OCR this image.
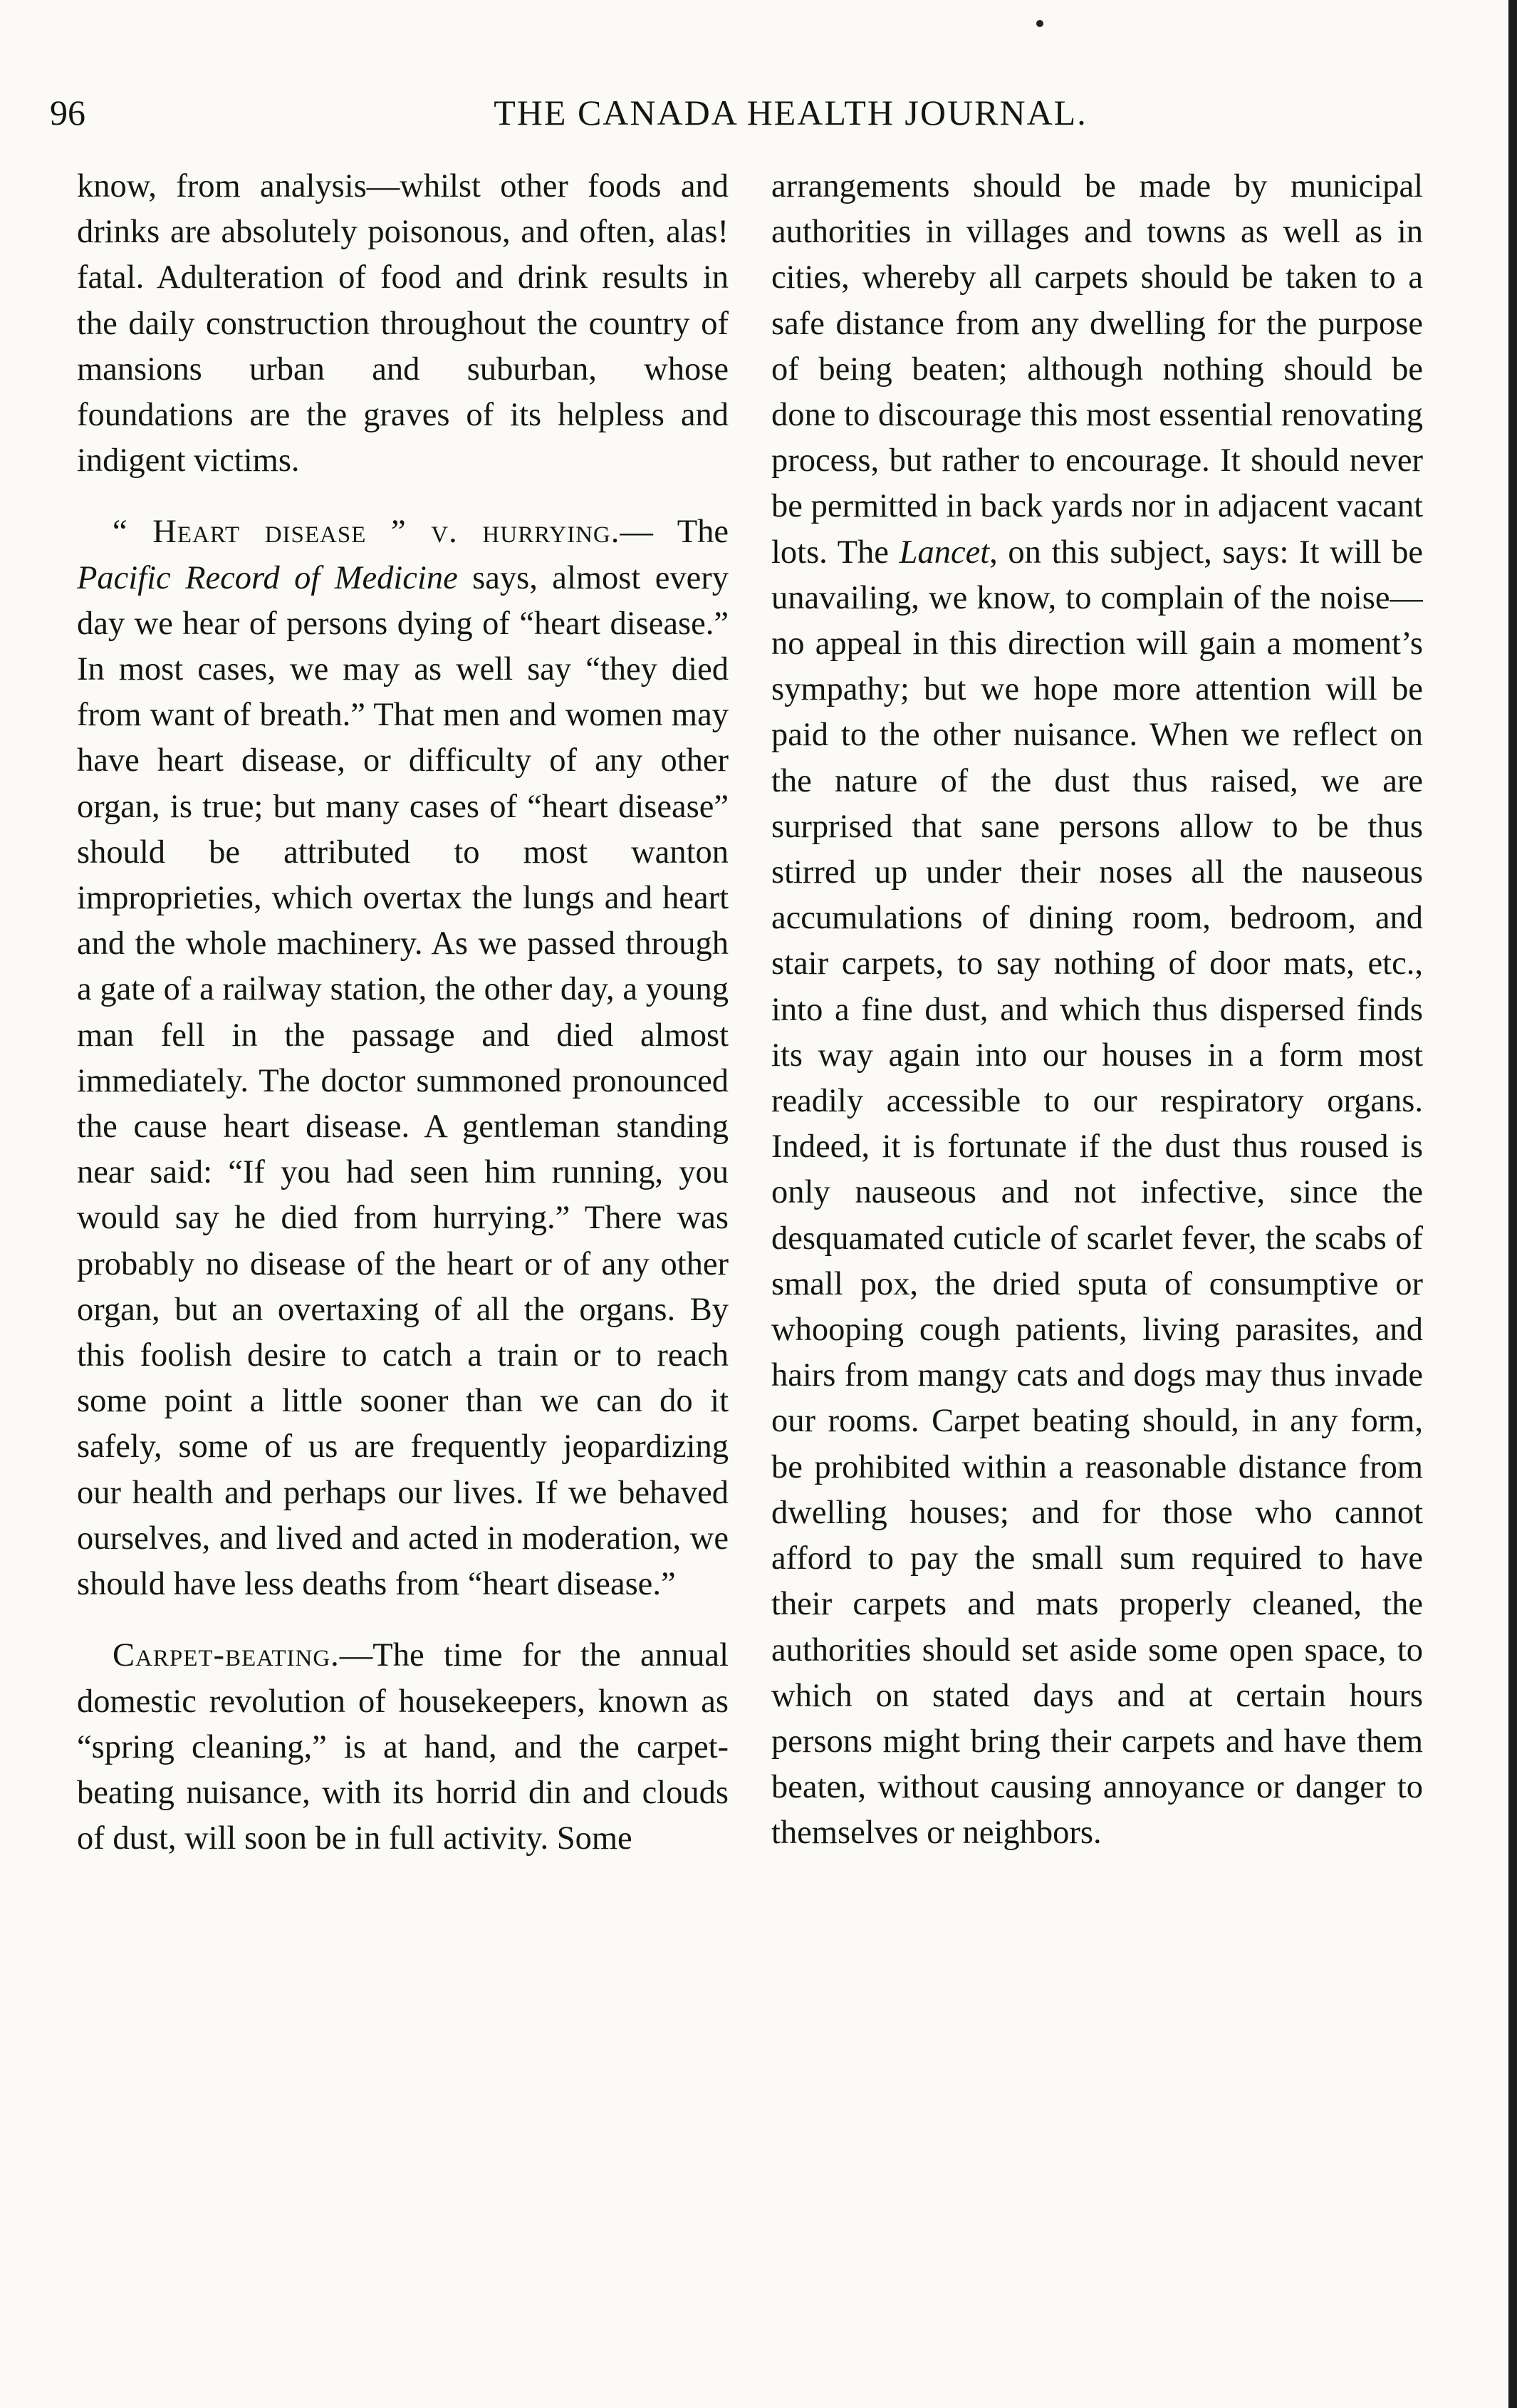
96	THE CANADA HEALTH JOURNAL.

know, from analysis—whilst other foods and drinks are absolutely poisonous, and often, alas! fatal. Adulteration of food and drink results in the daily construction throughout the country of mansions urban and suburban, whose foundations are the graves of its helpless and indigent victims.

“ Heart disease ” v. hurrying.— The Pacific Record of Medicine says, almost every day we hear of persons dying of “heart disease.” In most cases, we may as well say “they died from want of breath.” That men and women may have heart disease, or difficulty of any other organ, is true; but many cases of “heart disease” should be attributed to most wanton improprieties, which overtax the lungs and heart and the whole machinery. As we passed through a gate of a railway station, the other day, a young man fell in the passage and died almost immediately. The doctor summoned pronounced the cause heart disease. A gentleman standing near said: “If you had seen him running, you would say he died from hurrying.” There was probably no disease of the heart or of any other organ, but an overtaxing of all the organs. By this foolish desire to catch a train or to reach some point a little sooner than we can do it safely, some of us are frequently jeopardizing our health and perhaps our lives. If we behaved ourselves, and lived and acted in moderation, we should have less deaths from “heart disease.”

Carpet-beating.—The time for the annual domestic revolution of housekeepers, known as “spring cleaning,” is at hand, and the carpet-beating nuisance, with its horrid din and clouds of dust, will soon be in full activity. Some

arrangements should be made by municipal authorities in villages and towns as well as in cities, whereby all carpets should be taken to a safe distance from any dwelling for the purpose of being beaten; although nothing should be done to discourage this most essential renovating process, but rather to encourage. It should never be permitted in back yards nor in adjacent vacant lots. The Lancet, on this subject, says: It will be unavailing, we know, to complain of the noise—no appeal in this direction will gain a moment’s sympathy; but we hope more attention will be paid to the other nuisance. When we reflect on the nature of the dust thus raised, we are surprised that sane persons allow to be thus stirred up under their noses all the nauseous accumulations of dining room, bedroom, and stair carpets, to say nothing of door mats, etc., into a fine dust, and which thus dispersed finds its way again into our houses in a form most readily accessible to our respiratory organs. Indeed, it is fortunate if the dust thus roused is only nauseous and not infective, since the desquamated cuticle of scarlet fever, the scabs of small pox, the dried sputa of consumptive or whooping cough patients, living parasites, and hairs from mangy cats and dogs may thus invade our rooms. Carpet beating should, in any form, be prohibited within a reasonable distance from dwelling houses; and for those who cannot afford to pay the small sum required to have their carpets and mats properly cleaned, the authorities should set aside some open space, to which on stated days and at certain hours persons might bring their carpets and have them beaten, without causing annoyance or danger to themselves or neighbors.
